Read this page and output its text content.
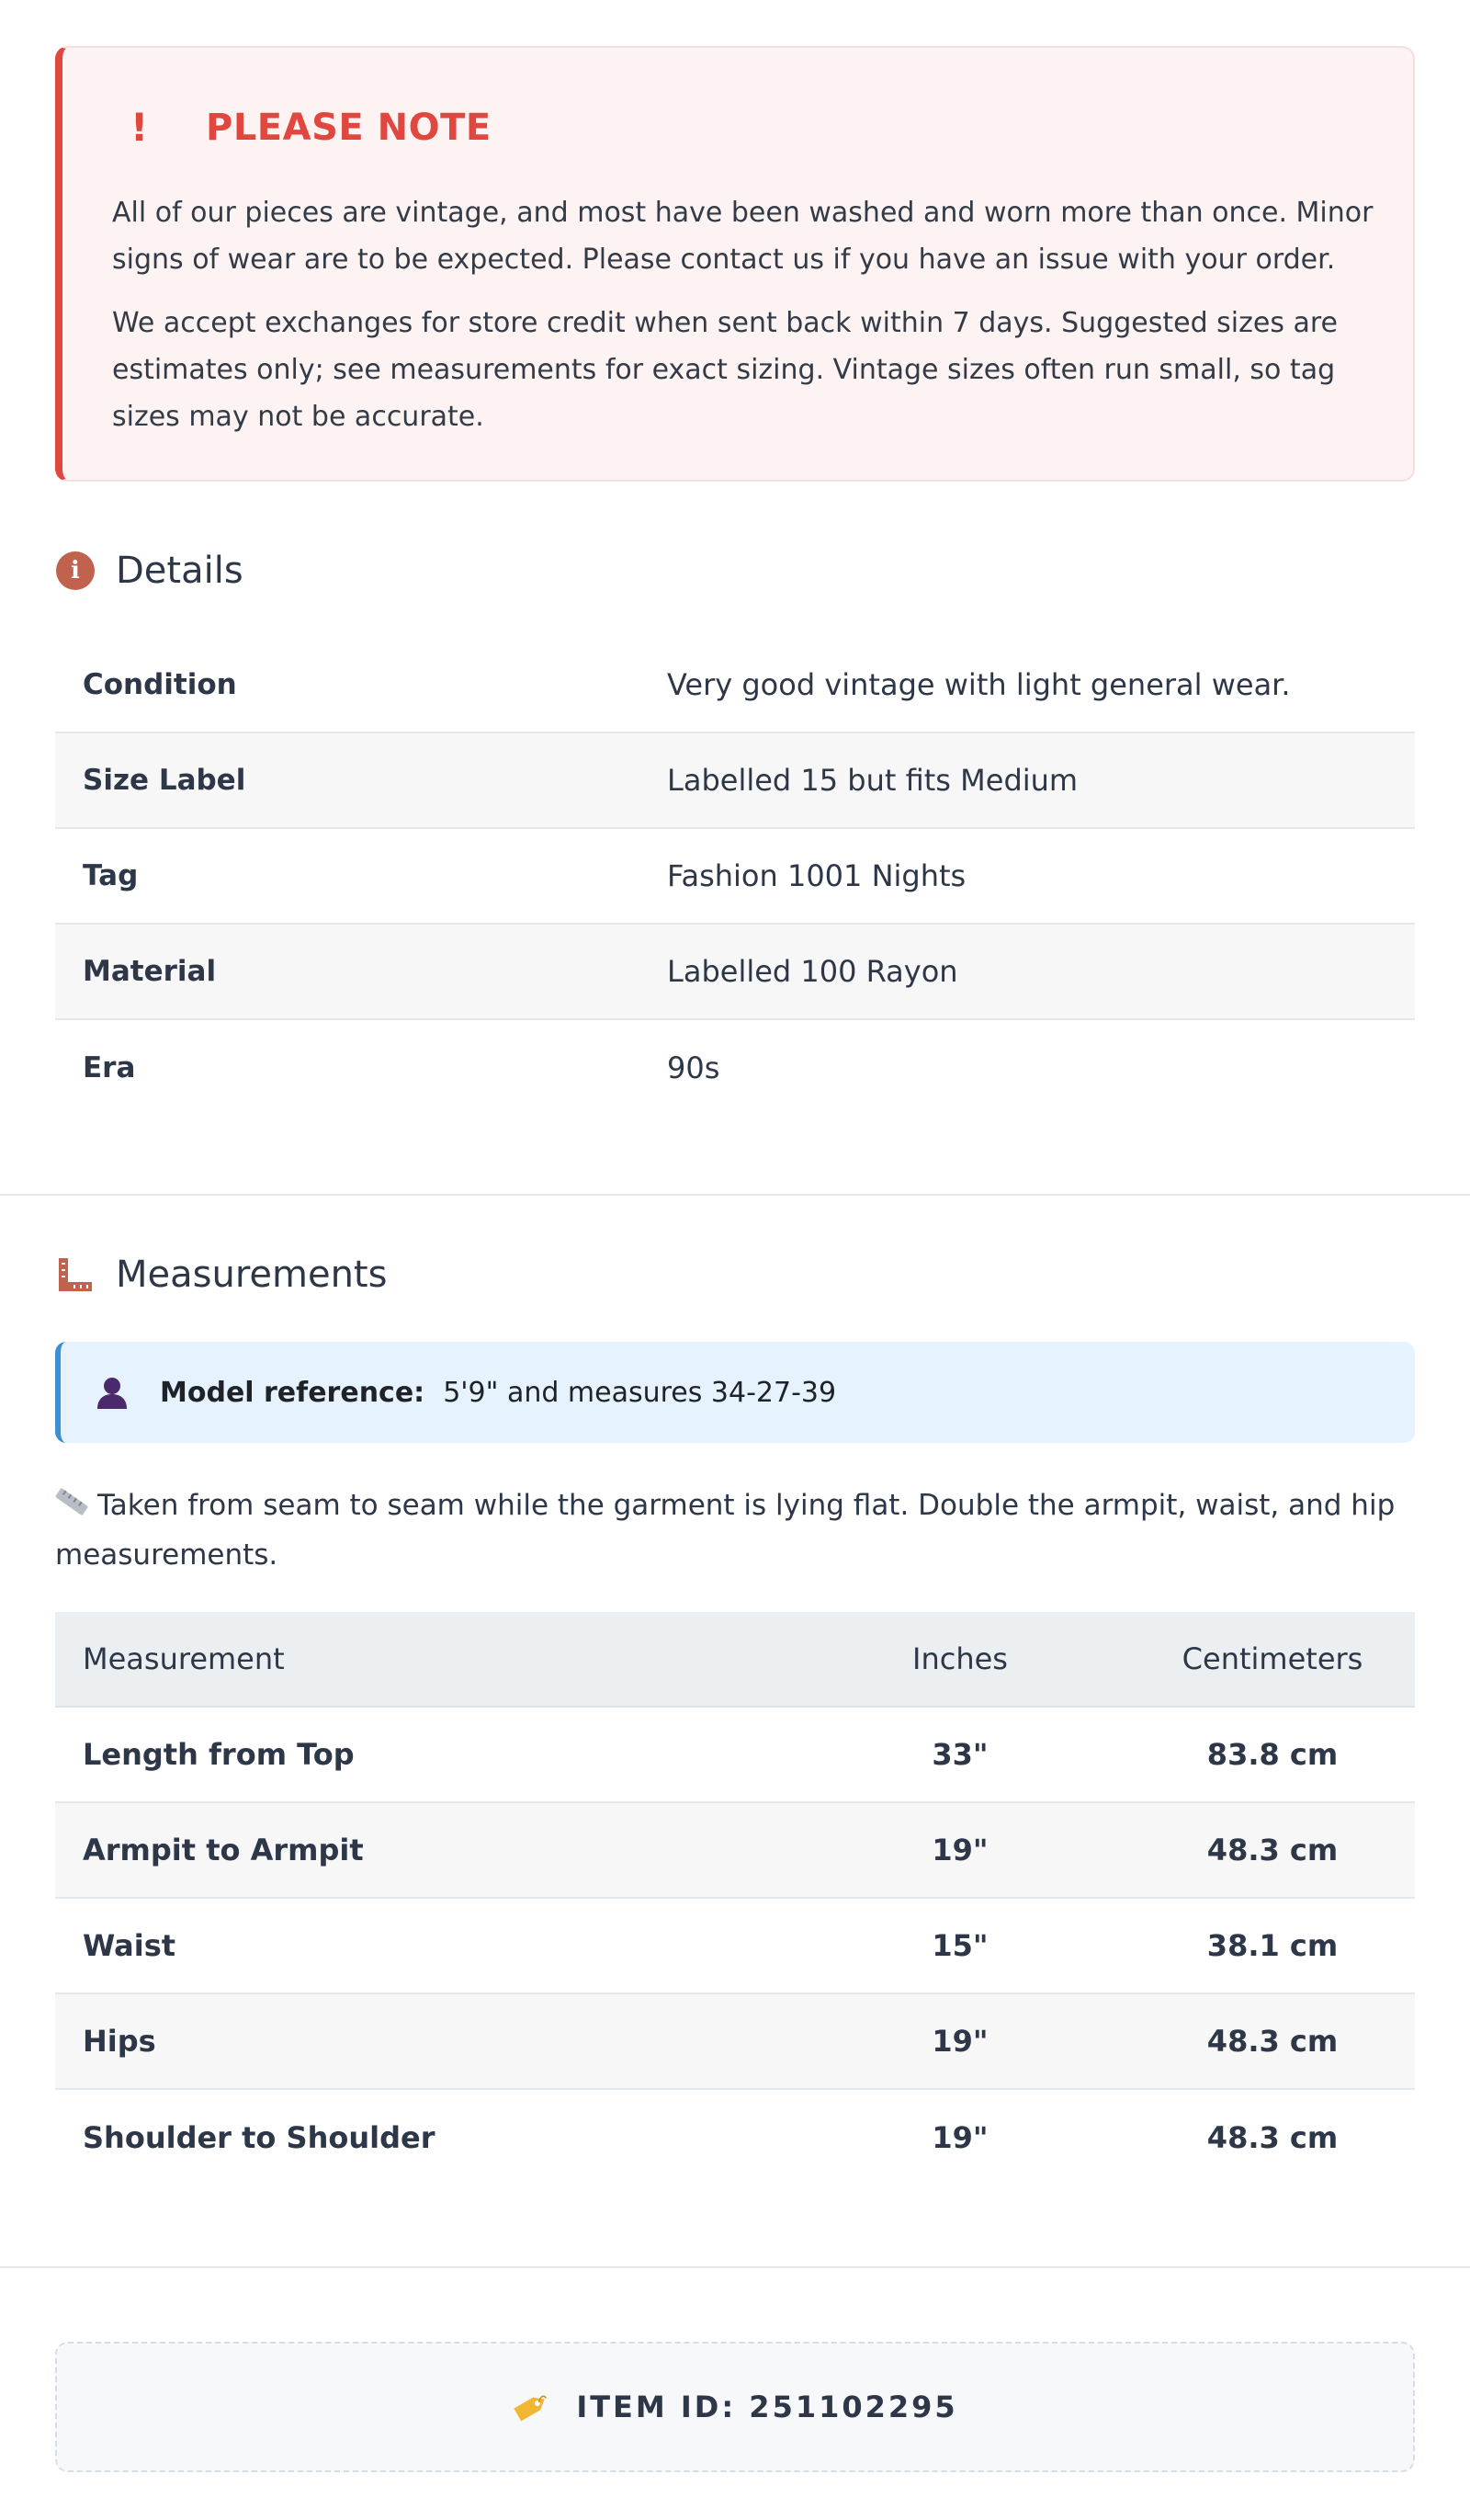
!	PLEASE NOTE

All of our pieces are vintage, and most have been washed and worn more than once. Minor signs of wear are to be expected. Please contact us if you have an issue with your order.

We accept exchanges for store credit when sent back within 7 days. Suggested sizes are estimates only; see measurements for exact sizing. Vintage sizes often run small, so tag sizes may not be accurate.

i Details
Condition	Very good vintage with light general wear.
Size Label	Labelled 15 but fits Medium
Tag	Fashion 1001 Nights
Material	Labelled 100 Rayon
Era	90s
Measurements
Model reference: 5'9" and measures 34-27-39
Taken from seam to seam while the garment is lying flat. Double the armpit, waist, and hip measurements.
Measurement	Inches	Centimeters
Length from Top	33"	83.8 cm
Armpit to Armpit	19"	48.3 cm
Waist	15"	38.1 cm
Hips	19"	48.3 cm
Shoulder to Shoulder	19"	48.3 cm
ITEM ID: 251102295
